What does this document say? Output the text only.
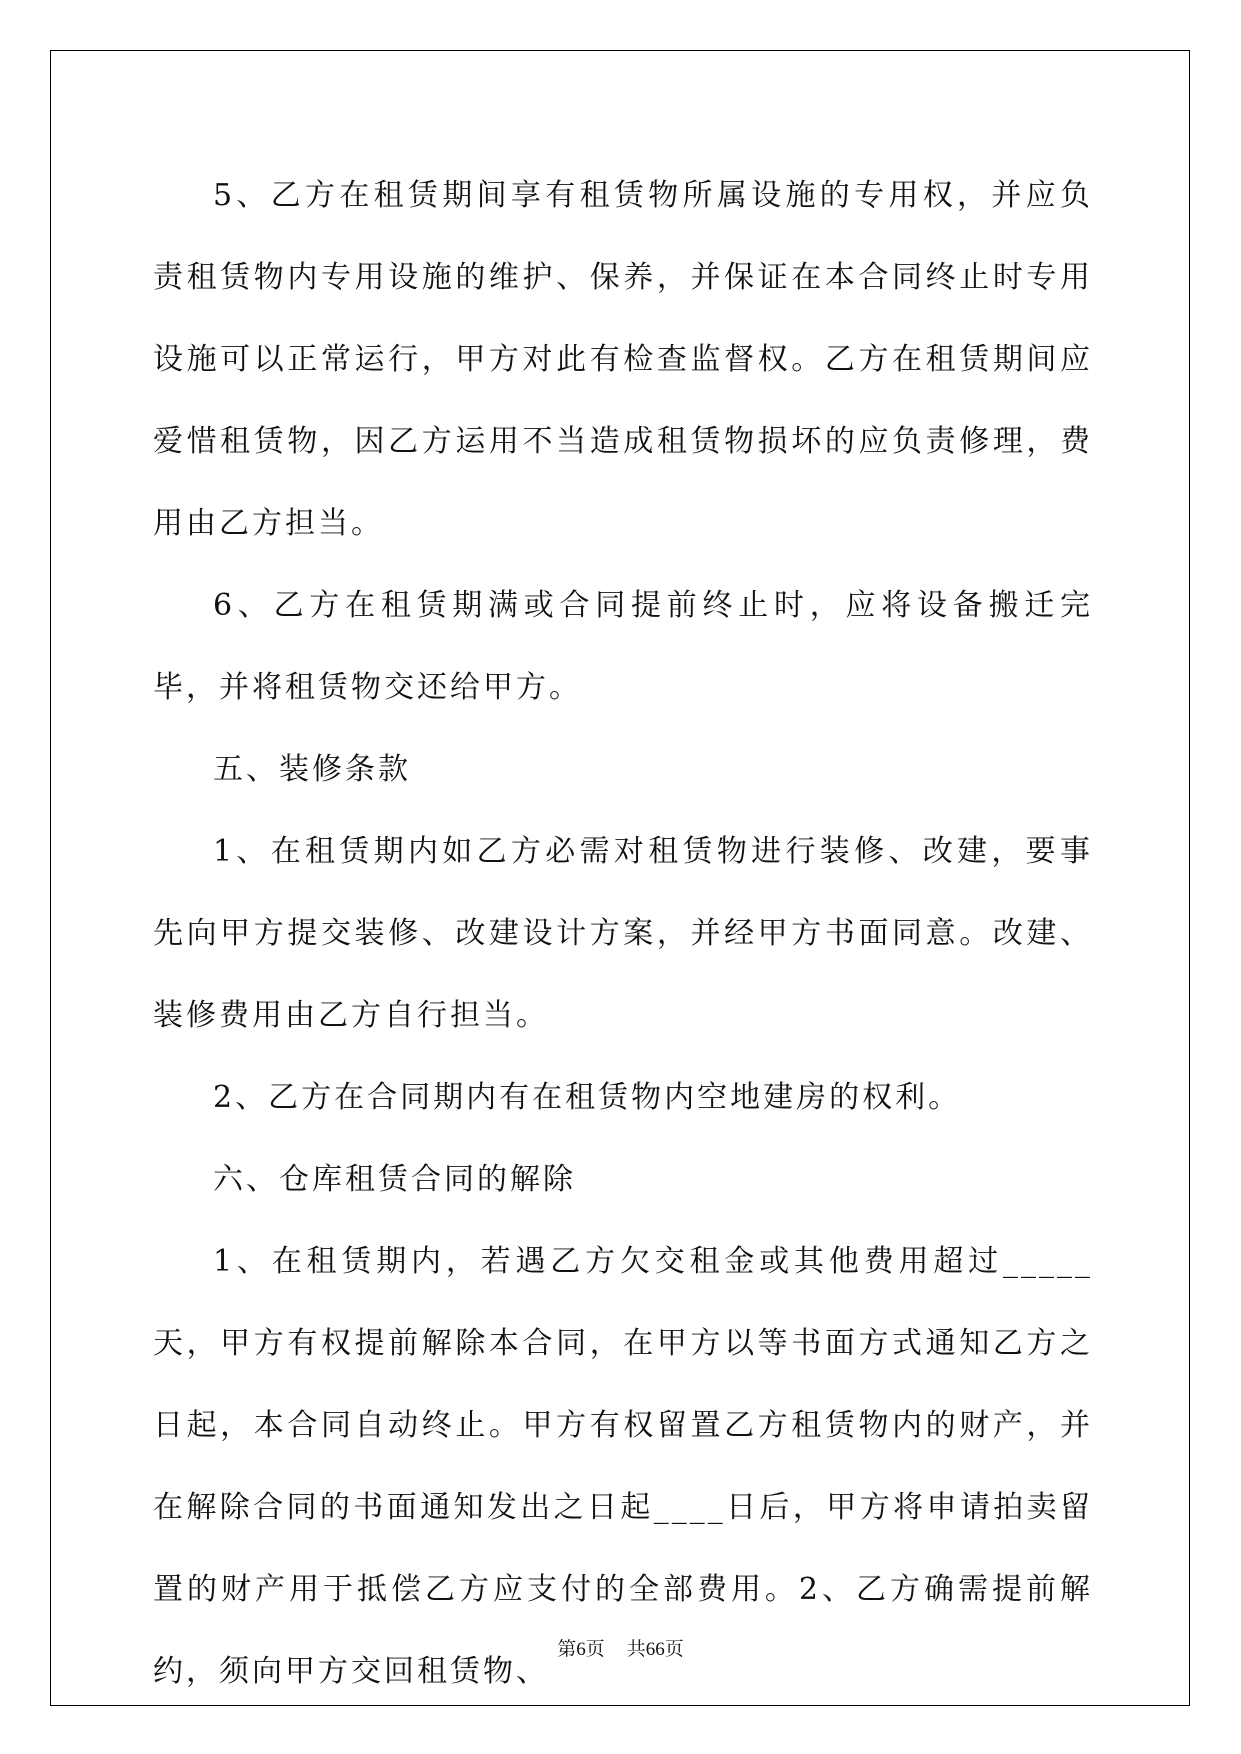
5、乙方在租赁期间享有租赁物所属设施的专用权，并应负责租赁物内专用设施的维护、保养，并保证在本合同终止时专用设施可以正常运行，甲方对此有检查监督权。乙方在租赁期间应爱惜租赁物，因乙方运用不当造成租赁物损坏的应负责修理，费用由乙方担当。

6、乙方在租赁期满或合同提前终止时，应将设备搬迁完毕，并将租赁物交还给甲方。

五、装修条款

1、在租赁期内如乙方必需对租赁物进行装修、改建，要事先向甲方提交装修、改建设计方案，并经甲方书面同意。改建、装修费用由乙方自行担当。

2、乙方在合同期内有在租赁物内空地建房的权利。

六、仓库租赁合同的解除

1、在租赁期内，若遇乙方欠交租金或其他费用超过_____天，甲方有权提前解除本合同，在甲方以等书面方式通知乙方之日起，本合同自动终止。甲方有权留置乙方租赁物内的财产，并在解除合同的书面通知发出之日起____日后，甲方将申请拍卖留置的财产用于抵偿乙方应支付的全部费用。2、乙方确需提前解约，须向甲方交回租赁物、

第6页 共66页
